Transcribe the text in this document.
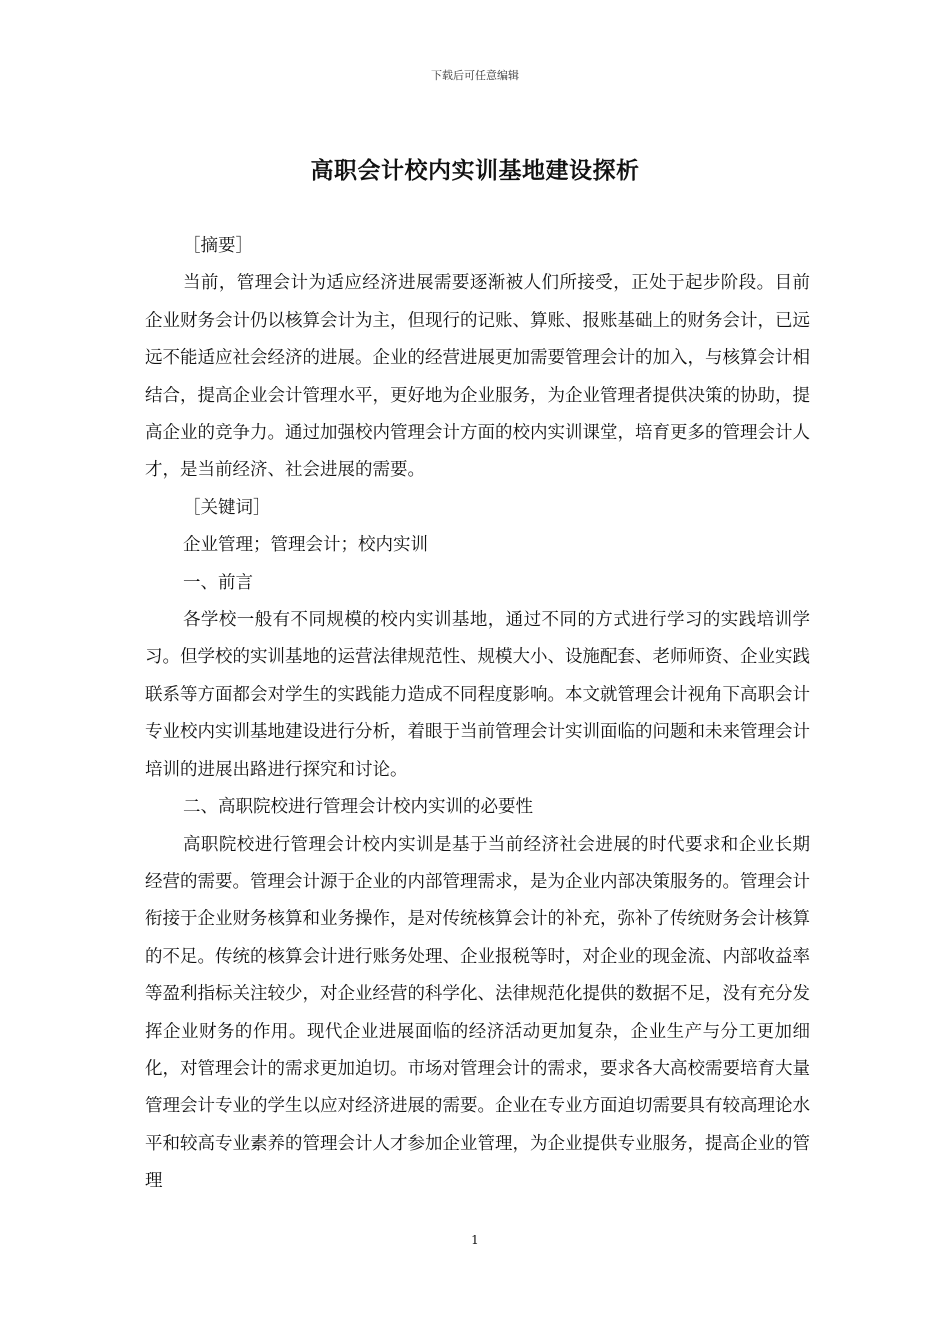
下载后可任意编辑
高职会计校内实训基地建设探析

［摘要］

当前，管理会计为适应经济进展需要逐渐被人们所接受，正处于起步阶段。目前企业财务会计仍以核算会计为主，但现行的记账、算账、报账基础上的财务会计，已远远不能适应社会经济的进展。企业的经营进展更加需要管理会计的加入，与核算会计相结合，提高企业会计管理水平，更好地为企业服务，为企业管理者提供决策的协助，提高企业的竞争力。通过加强校内管理会计方面的校内实训课堂，培育更多的管理会计人才，是当前经济、社会进展的需要。

［关键词］

企业管理；管理会计；校内实训

一、前言

各学校一般有不同规模的校内实训基地，通过不同的方式进行学习的实践培训学习。但学校的实训基地的运营法律规范性、规模大小、设施配套、老师师资、企业实践联系等方面都会对学生的实践能力造成不同程度影响。本文就管理会计视角下高职会计专业校内实训基地建设进行分析，着眼于当前管理会计实训面临的问题和未来管理会计培训的进展出路进行探究和讨论。

二、高职院校进行管理会计校内实训的必要性

高职院校进行管理会计校内实训是基于当前经济社会进展的时代要求和企业长期经营的需要。管理会计源于企业的内部管理需求，是为企业内部决策服务的。管理会计衔接于企业财务核算和业务操作，是对传统核算会计的补充，弥补了传统财务会计核算的不足。传统的核算会计进行账务处理、企业报税等时，对企业的现金流、内部收益率等盈利指标关注较少，对企业经营的科学化、法律规范化提供的数据不足，没有充分发挥企业财务的作用。现代企业进展面临的经济活动更加复杂，企业生产与分工更加细化，对管理会计的需求更加迫切。市场对管理会计的需求，要求各大高校需要培育大量管理会计专业的学生以应对经济进展的需要。企业在专业方面迫切需要具有较高理论水平和较高专业素养的管理会计人才参加企业管理，为企业提供专业服务，提高企业的管理

1
